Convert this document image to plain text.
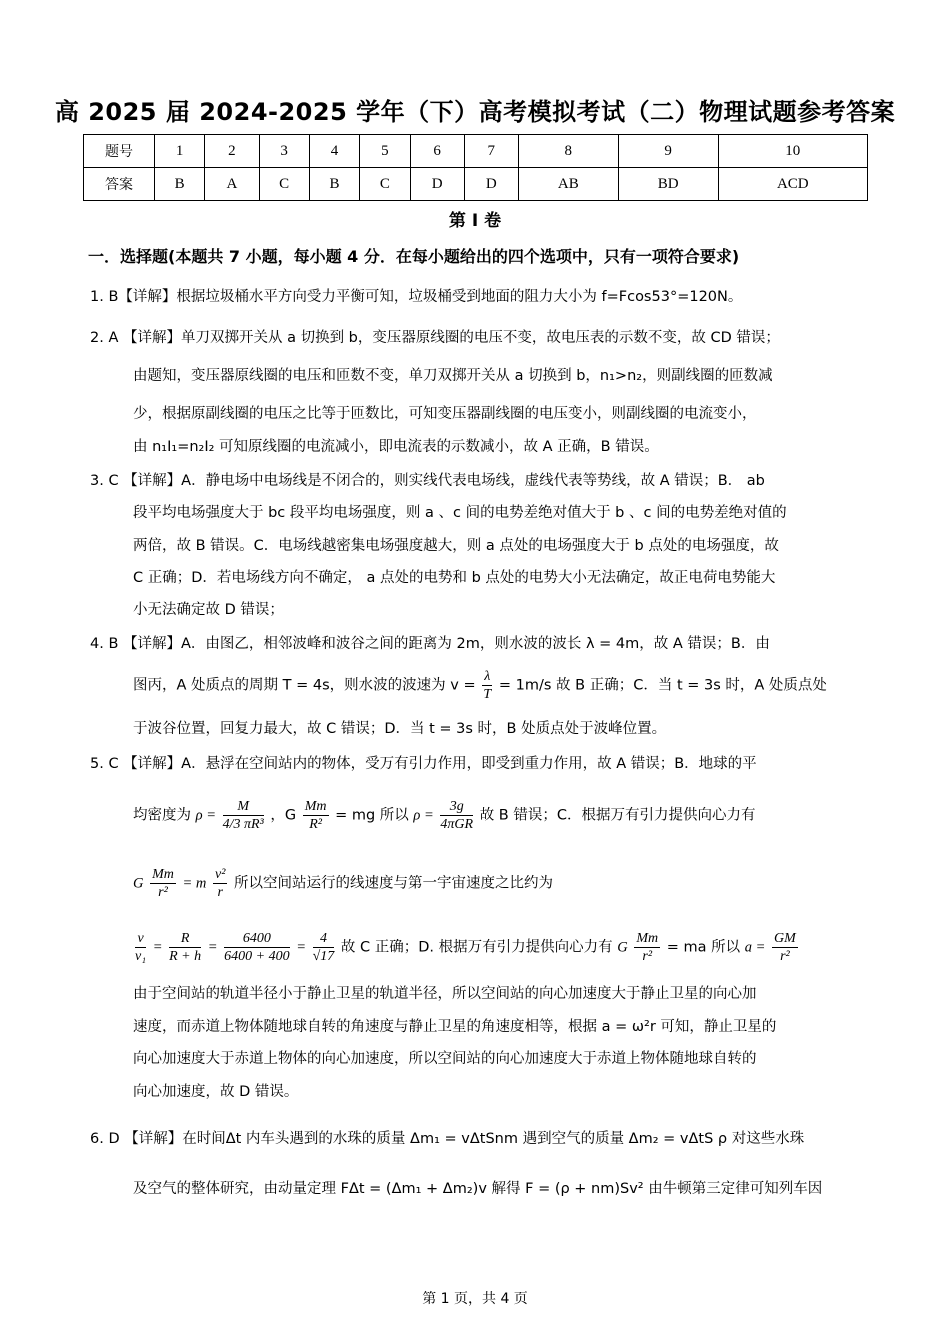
高 2025 届 2024-2025 学年（下）高考模拟考试（二）物理试题参考答案
题号	1	2	3	4	5	6	7	8	9	10
答案	B	A	C	B	C	D	D	AB	BD	ACD
第 I 卷
一．选择题(本题共 7 小题，每小题 4 分．在每小题给出的四个选项中，只有一项符合要求)
1. B【详解】根据垃圾桶水平方向受力平衡可知，垃圾桶受到地面的阻力大小为 f=Fcos53°=120N。
2. A 【详解】单刀双掷开关从 a 切换到 b，变压器原线圈的电压不变，故电压表的示数不变，故 CD 错误；
由题知，变压器原线圈的电压和匝数不变，单刀双掷开关从 a 切换到 b，n₁>n₂，则副线圈的匝数减
少，根据原副线圈的电压之比等于匝数比，可知变压器副线圈的电压变小，则副线圈的电流变小，
由 n₁I₁=n₂I₂ 可知原线圈的电流减小，即电流表的示数减小，故 A 正确，B 错误。
3. C 【详解】A．静电场中电场线是不闭合的，则实线代表电场线，虚线代表等势线，故 A 错误；B． ab
段平均电场强度大于 bc 段平均电场强度，则 a 、c 间的电势差绝对值大于 b 、c 间的电势差绝对值的
两倍，故 B 错误。C．电场线越密集电场强度越大，则 a 点处的电场强度大于 b 点处的电场强度，故
C 正确；D．若电场线方向不确定， a 点处的电势和 b 点处的电势大小无法确定，故正电荷电势能大
小无法确定故 D 错误；
4. B 【详解】A．由图乙，相邻波峰和波谷之间的距离为 2m，则水波的波长 λ = 4m，故 A 错误；B．由
图丙，A 处质点的周期 T = 4s，则水波的波速为 $v = \frac{\lambda}{T} = 1m/s$ 故 B 正确；C．当 t = 3s 时，A 处质点处
于波谷位置，回复力最大，故 C 错误；D．当 t = 3s 时，B 处质点处于波峰位置。
5. C 【详解】A．悬浮在空间站内的物体，受万有引力作用，即受到重力作用，故 A 错误；B．地球的平
均密度为 $\rho = \frac{M}{\text{4/3 πR³}}$ ，G $\frac{Mm}{\text{R²}}$ = mg 所以 $\rho = \frac{3g}{\text{4πGR}}$ 故 B 错误；C．根据万有引力提供向心力有
G $\frac{Mm}{\text{r²}} = m \frac{\text{v²}}{r}$ 所以空间站运行的线速度与第一宇宙速度之比约为
$\frac{v}{\text{v₁}} = \frac{R}{R + h} = \frac{6400}{6400 + 400} = \frac{4}{√17}$ 故 C 正确；D. 根据万有引力提供向心力有 G $\frac{Mm}{\text{r²}}$ = ma 所以 $a = \frac{GM}{\text{r²}}$
由于空间站的轨道半径小于静止卫星的轨道半径，所以空间站的向心加速度大于静止卫星的向心加
速度，而赤道上物体随地球自转的角速度与静止卫星的角速度相等，根据 a = ω²r 可知，静止卫星的
向心加速度大于赤道上物体的向心加速度，所以空间站的向心加速度大于赤道上物体随地球自转的
向心加速度，故 D 错误。
6. D 【详解】在时间Δt 内车头遇到的水珠的质量 Δm₁ = vΔtSnm 遇到空气的质量 Δm₂ = vΔtS ρ 对这些水珠
及空气的整体研究，由动量定理 FΔt = (Δm₁ + Δm₂)v 解得 F = (ρ + nm)Sv² 由牛顿第三定律可知列车因
第 1 页，共 4 页
